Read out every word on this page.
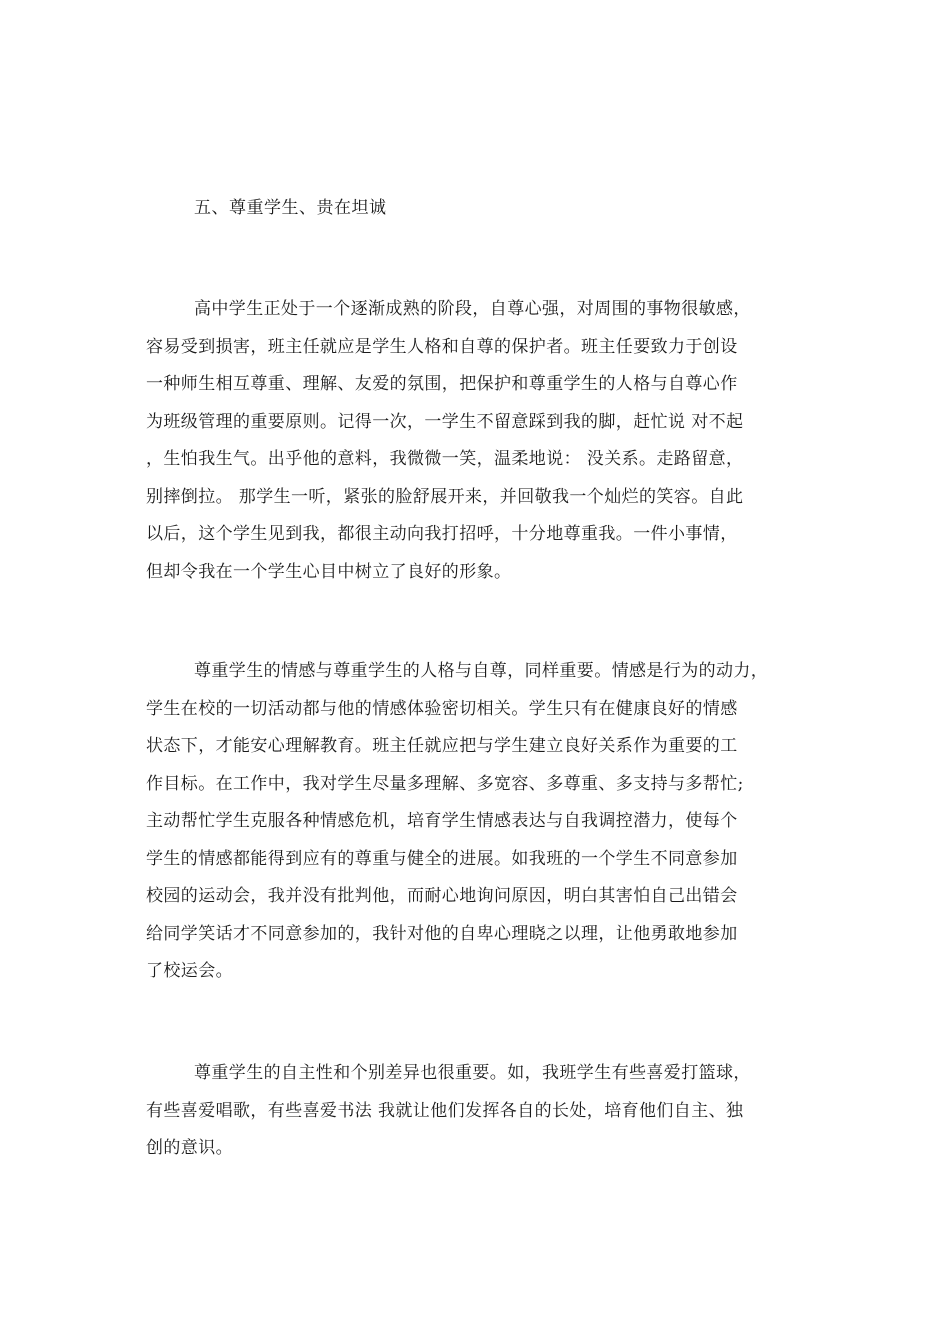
五、尊重学生、贵在坦诚
高中学生正处于一个逐渐成熟的阶段，自尊心强，对周围的事物很敏感，
容易受到损害，班主任就应是学生人格和自尊的保护者。班主任要致力于创设
一种师生相互尊重、理解、友爱的氛围，把保护和尊重学生的人格与自尊心作
为班级管理的重要原则。记得一次，一学生不留意踩到我的脚，赶忙说 对不起
，生怕我生气。出乎他的意料，我微微一笑，温柔地说： 没关系。走路留意，
别摔倒拉。 那学生一听，紧张的脸舒展开来，并回敬我一个灿烂的笑容。自此
以后，这个学生见到我，都很主动向我打招呼，十分地尊重我。一件小事情，
但却令我在一个学生心目中树立了良好的形象。
尊重学生的情感与尊重学生的人格与自尊，同样重要。情感是行为的动力，
学生在校的一切活动都与他的情感体验密切相关。学生只有在健康良好的情感
状态下，才能安心理解教育。班主任就应把与学生建立良好关系作为重要的工
作目标。在工作中，我对学生尽量多理解、多宽容、多尊重、多支持与多帮忙;
主动帮忙学生克服各种情感危机，培育学生情感表达与自我调控潜力，使每个
学生的情感都能得到应有的尊重与健全的进展。如我班的一个学生不同意参加
校园的运动会，我并没有批判他，而耐心地询问原因，明白其害怕自己出错会
给同学笑话才不同意参加的，我针对他的自卑心理晓之以理，让他勇敢地参加
了校运会。
尊重学生的自主性和个别差异也很重要。如，我班学生有些喜爱打篮球，
有些喜爱唱歌，有些喜爱书法 我就让他们发挥各自的长处，培育他们自主、独
创的意识。
